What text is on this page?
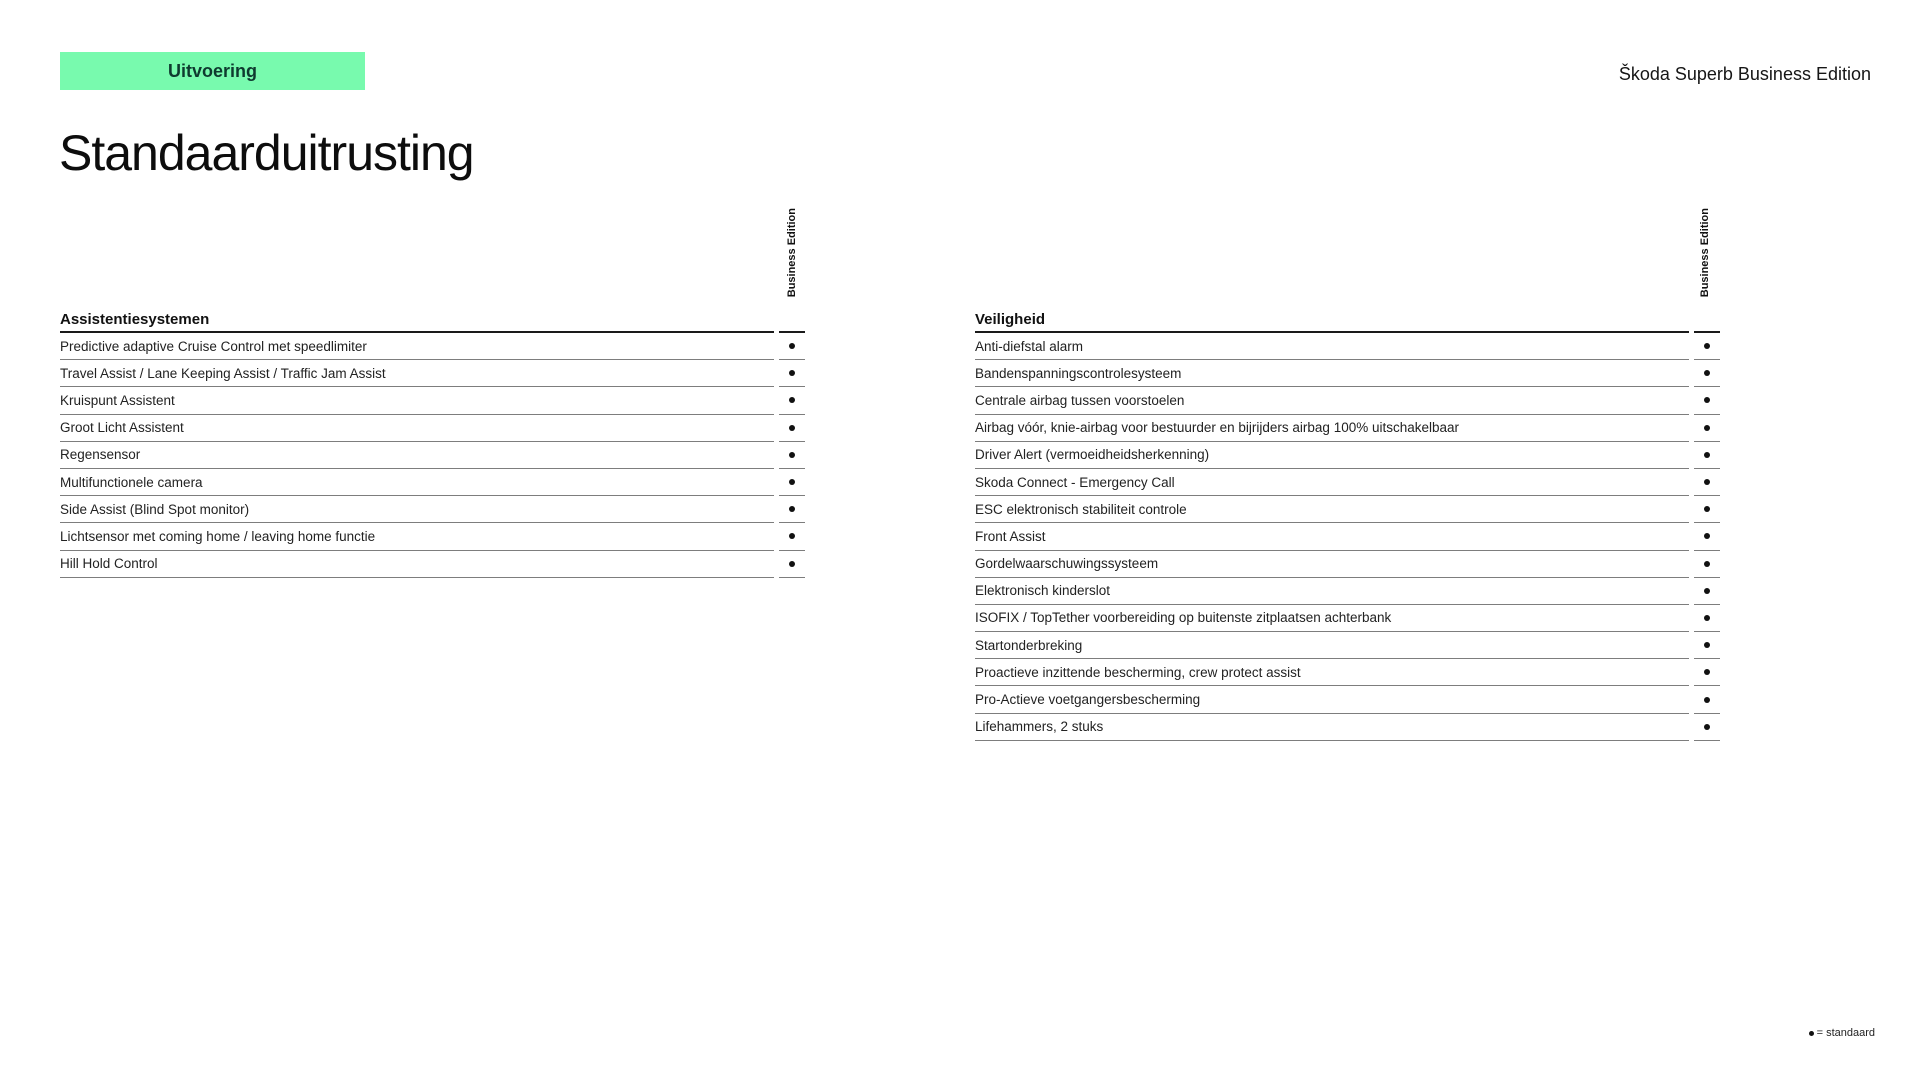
Uitvoering	Škoda Superb Business Edition
Standaarduitrusting
Business Edition	Business Edition
Assistentiesystemen
Predictive adaptive Cruise Control met speedlimiter
Travel Assist / Lane Keeping Assist / Traffic Jam Assist
Kruispunt Assistent
Groot Licht Assistent
Regensensor
Multifunctionele camera
Side Assist (Blind Spot monitor)
Lichtsensor met coming home / leaving home functie
Hill Hold Control
Veiligheid
Anti-diefstal alarm
Bandenspanningscontrolesysteem
Centrale airbag tussen voorstoelen
Airbag vóór, knie-airbag voor bestuurder en bijrijders airbag 100% uitschakelbaar
Driver Alert (vermoeidheidsherkenning)
Skoda Connect - Emergency Call
ESC elektronisch stabiliteit controle
Front Assist
Gordelwaarschuwingssysteem
Elektronisch kinderslot
ISOFIX / TopTether voorbereiding op buitenste zitplaatsen achterbank
Startonderbreking
Proactieve inzittende bescherming, crew protect assist
Pro-Actieve voetgangersbescherming
Lifehammers, 2 stuks
= standaard
